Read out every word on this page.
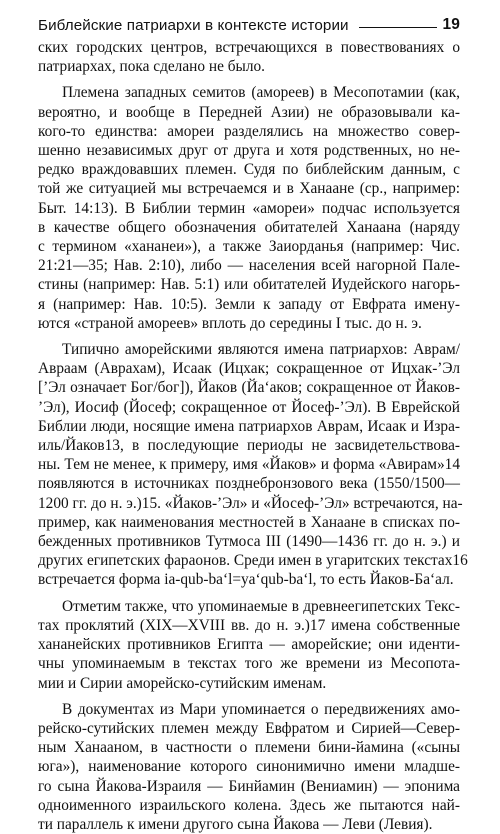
Библейские патриархи в контексте истории	19

ских городских центров, встречающихся в повествованиях о
патриархах, пока сделано не было.

Племена западных семитов (амореев) в Месопотамии (как,
вероятно, и вообще в Передней Азии) не образовывали ка-
кого-то единства: амореи разделялись на множество совер-
шенно независимых друг от друга и хотя родственных, но не-
редко враждовавших племен. Судя по библейским данным, с
той же ситуацией мы встречаемся и в Ханаане (ср., например:
Быт. 14:13). В Библии термин «амореи» подчас используется
в качестве общего обозначения обитателей Ханаана (наряду
с термином «хананеи»), а также Заиорданья (например: Чис.
21:21—35; Нав. 2:10), либо — населения всей нагорной Пале-
стины (например: Нав. 5:1) или обитателей Иудейского нагорь-
я (например: Нав. 10:5). Земли к западу от Евфрата имену-
ются «страной амореев» вплоть до середины I тыс. до н. э.

Типично аморейскими являются имена патриархов: Аврам/
Авраам (Аврахам), Исаак (Ицхак; сокращенное от Ицхак-’Эл
[’Эл означает Бог/бог]), Йаков (Йа‘аков; сокращенное от Йаков-
’Эл), Иосиф (Йосеф; сокращенное от Йосеф-’Эл). В Еврейской
Библии люди, носящие имена патриархов Аврам, Исаак и Изра-
иль/Йаков13, в последующие периоды не засвидетельствова-
ны. Тем не менее, к примеру, имя «Йаков» и форма «Авирам»14
появляются в источниках позднебронзового века (1550/1500—
1200 гг. до н. э.)15. «Йаков-’Эл» и «Йосеф-’Эл» встречаются, на-
пример, как наименования местностей в Ханаане в списках по-
бежденных противников Тутмоса III (1490—1436 гг. до н. э.) и
других египетских фараонов. Среди имен в угаритских текстах16
встречается форма ia-qub-ba‘l=ya‘qub-ba‘l, то есть Йаков-Ба‘ал.

Отметим также, что упоминаемые в древнеегипетских Текс-
тах проклятий (XIX—XVIII вв. до н. э.)17 имена собственные
хананейских противников Египта — аморейские; они иденти-
чны упоминаемым в текстах того же времени из Месопота-
мии и Сирии аморейско-сутийским именам.

В документах из Мари упоминается о передвижениях амо-
рейско-сутийских племен между Евфратом и Сирией—Север-
ным Ханааном, в частности о племени бини-йамина («сыны
юга»), наименование которого синонимично имени младше-
го сына Йакова-Израиля — Бинйамин (Вениамин) — эпонима
одноименного израильского колена. Здесь же пытаются най-
ти параллель к имени другого сына Йакова — Леви (Левия).
